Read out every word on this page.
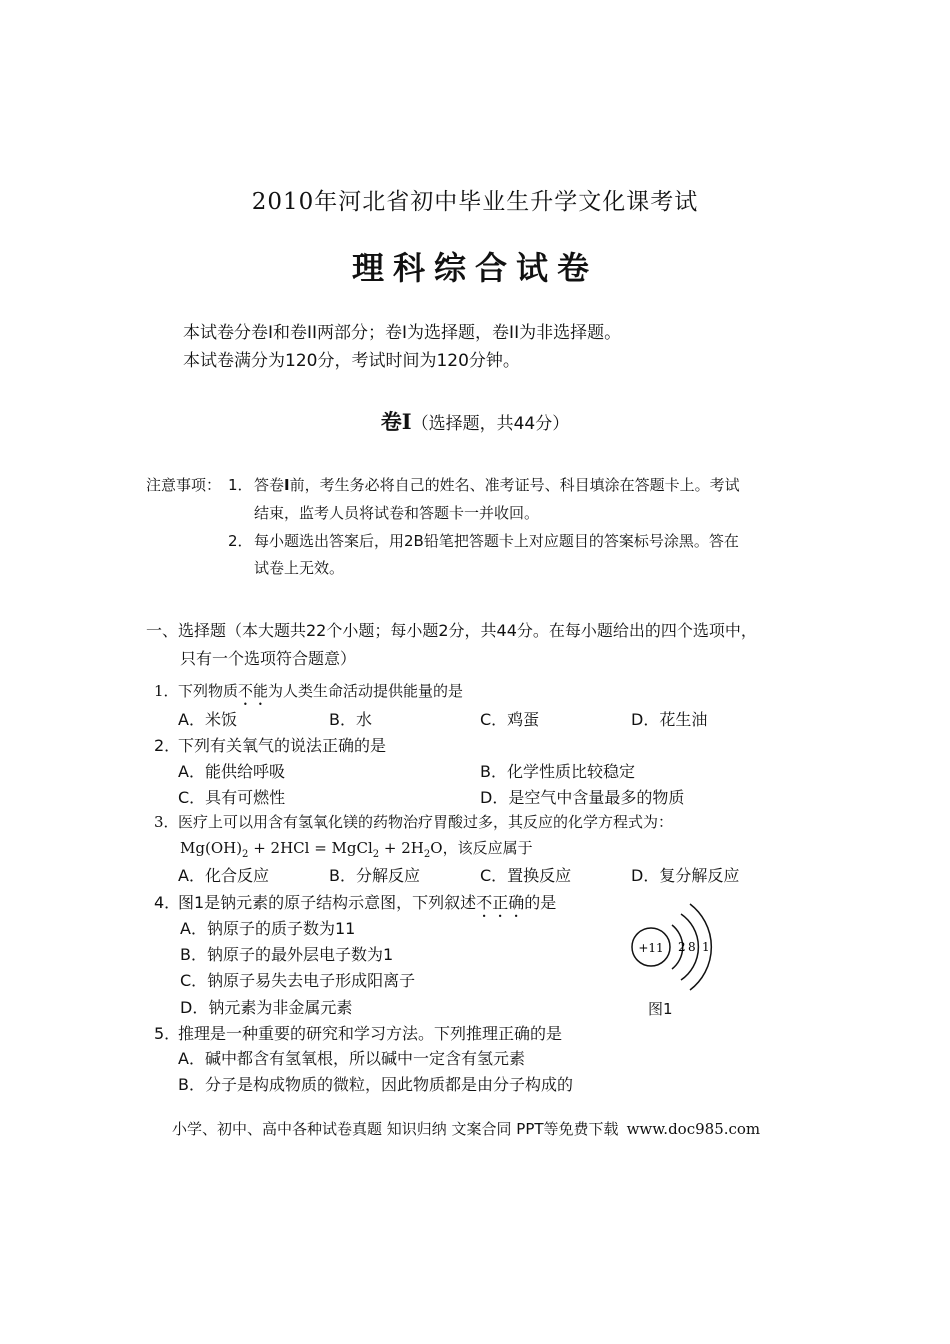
2010年河北省初中毕业生升学文化课考试
理科综合试卷
本试卷分卷I和卷II两部分；卷I为选择题，卷II为非选择题。
本试卷满分为120分，考试时间为120分钟。
卷I（选择题，共44分）
注意事项： 1． 答卷I前，考生务必将自己的姓名、准考证号、科目填涂在答题卡上。考试
结束，监考人员将试卷和答题卡一并收回。
2． 每小题选出答案后，用2B铅笔把答题卡上对应题目的答案标号涂黑。答在
试卷上无效。
一、选择题（本大题共22个小题；每小题2分，共44分。在每小题给出的四个选项中，
只有一个选项符合题意）
1． 下列物质不能为人类生命活动提供能量的是
A．米饭	B．水	C．鸡蛋	D．花生油
2．
下列有关氧气的说法正确的是
A．能供给呼吸	B．化学性质比较稳定
C．具有可燃性	D．是空气中含量最多的物质
3． 医疗上可以用含有氢氧化镁的药物治疗胃酸过多，其反应的化学方程式为：
$Mg(OH)_2 + 2HCl$ = MgCl$_2$ + $2H_2O$，该反应属于
A．化合反应	B．分解反应	C．置换反应	D．复分解反应
4．
图1是钠元素的原子结构示意图，下列叙述不正确的是
A．钠原子的质子数为11
B．钠原子的最外层电子数为1
C．钠原子易失去电子形成阳离子
D．钠元素为非金属元素
+11 2 8 1
图1
5．
推理是一种重要的研究和学习方法。下列推理正确的是
A．碱中都含有氢氧根，所以碱中一定含有氢元素
B．分子是构成物质的微粒，因此物质都是由分子构成的
小学、初中、高中各种试卷真题 知识归纳 文案合同 PPT等免费下载 www.doc985.com
